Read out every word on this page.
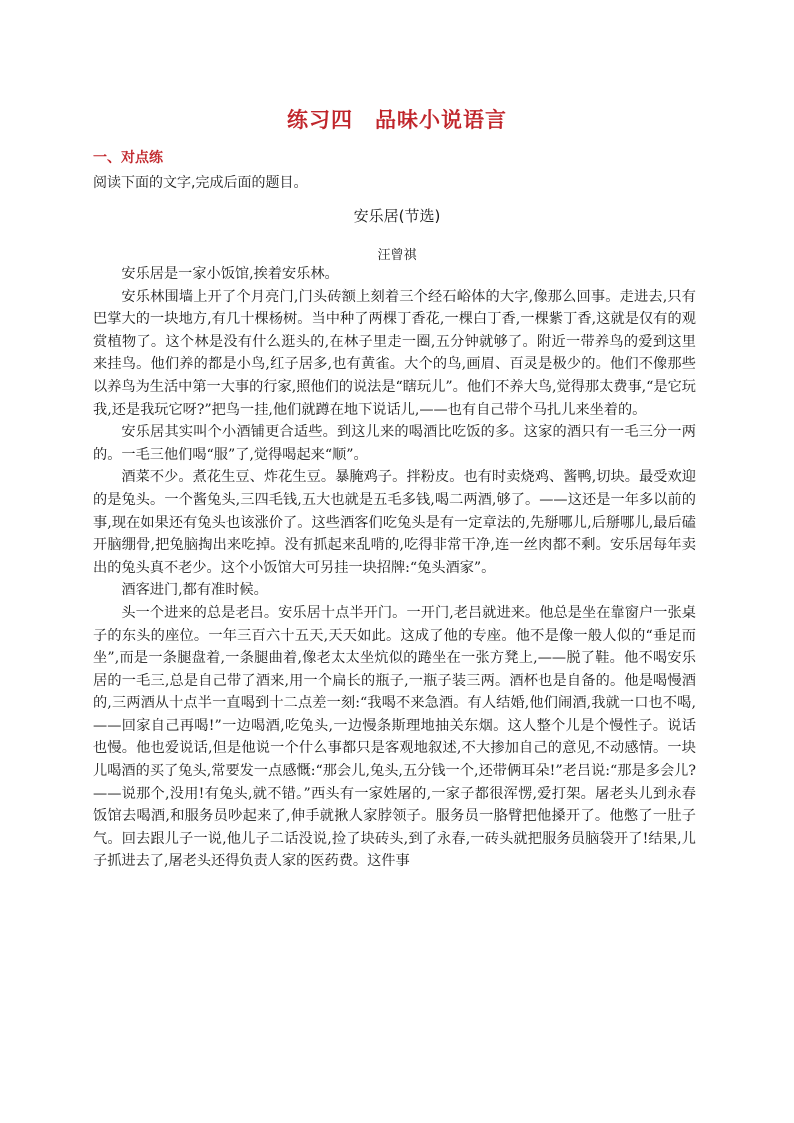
练习四　品味小说语言
一、对点练
阅读下面的文字,完成后面的题目。
安乐居(节选)
汪曾祺

安乐居是一家小饭馆,挨着安乐林。

安乐林围墙上开了个月亮门,门头砖额上刻着三个经石峪体的大字,像那么回事。走进去,只有巴掌大的一块地方,有几十棵杨树。当中种了两棵丁香花,一棵白丁香,一棵紫丁香,这就是仅有的观赏植物了。这个林是没有什么逛头的,在林子里走一圈,五分钟就够了。附近一带养鸟的爱到这里来挂鸟。他们养的都是小鸟,红子居多,也有黄雀。大个的鸟,画眉、百灵是极少的。他们不像那些以养鸟为生活中第一大事的行家,照他们的说法是“瞎玩儿”。他们不养大鸟,觉得那太费事,“是它玩我,还是我玩它呀?”把鸟一挂,他们就蹲在地下说话儿,——也有自己带个马扎儿来坐着的。

安乐居其实叫个小酒铺更合适些。到这儿来的喝酒比吃饭的多。这家的酒只有一毛三分一两的。一毛三他们喝“服”了,觉得喝起来“顺”。

酒菜不少。煮花生豆、炸花生豆。暴腌鸡子。拌粉皮。也有时卖烧鸡、酱鸭,切块。最受欢迎的是兔头。一个酱兔头,三四毛钱,五大也就是五毛多钱,喝二两酒,够了。——这还是一年多以前的事,现在如果还有兔头也该涨价了。这些酒客们吃兔头是有一定章法的,先掰哪儿,后掰哪儿,最后磕开脑绷骨,把兔脑掏出来吃掉。没有抓起来乱啃的,吃得非常干净,连一丝肉都不剩。安乐居每年卖出的兔头真不老少。这个小饭馆大可另挂一块招牌:“兔头酒家”。

酒客进门,都有准时候。

头一个进来的总是老吕。安乐居十点半开门。一开门,老吕就进来。他总是坐在靠窗户一张桌子的东头的座位。一年三百六十五天,天天如此。这成了他的专座。他不是像一般人似的“垂足而坐”,而是一条腿盘着,一条腿曲着,像老太太坐炕似的踡坐在一张方凳上,——脱了鞋。他不喝安乐居的一毛三,总是自己带了酒来,用一个扁长的瓶子,一瓶子装三两。酒杯也是自备的。他是喝慢酒的,三两酒从十点半一直喝到十二点差一刻:“我喝不来急酒。有人结婚,他们闹酒,我就一口也不喝,——回家自己再喝!”一边喝酒,吃兔头,一边慢条斯理地抽关东烟。这人整个儿是个慢性子。说话也慢。他也爱说话,但是他说一个什么事都只是客观地叙述,不大掺加自己的意见,不动感情。一块儿喝酒的买了兔头,常要发一点感慨:“那会儿,兔头,五分钱一个,还带俩耳朵!”老吕说:“那是多会儿?——说那个,没用!有兔头,就不错。”西头有一家姓屠的,一家子都很浑愣,爱打架。屠老头儿到永春饭馆去喝酒,和服务员吵起来了,伸手就揪人家脖领子。服务员一胳臂把他搡开了。他憋了一肚子气。回去跟儿子一说,他儿子二话没说,捡了块砖头,到了永春,一砖头就把服务员脑袋开了!结果,儿子抓进去了,屠老头还得负责人家的医药费。这件事
